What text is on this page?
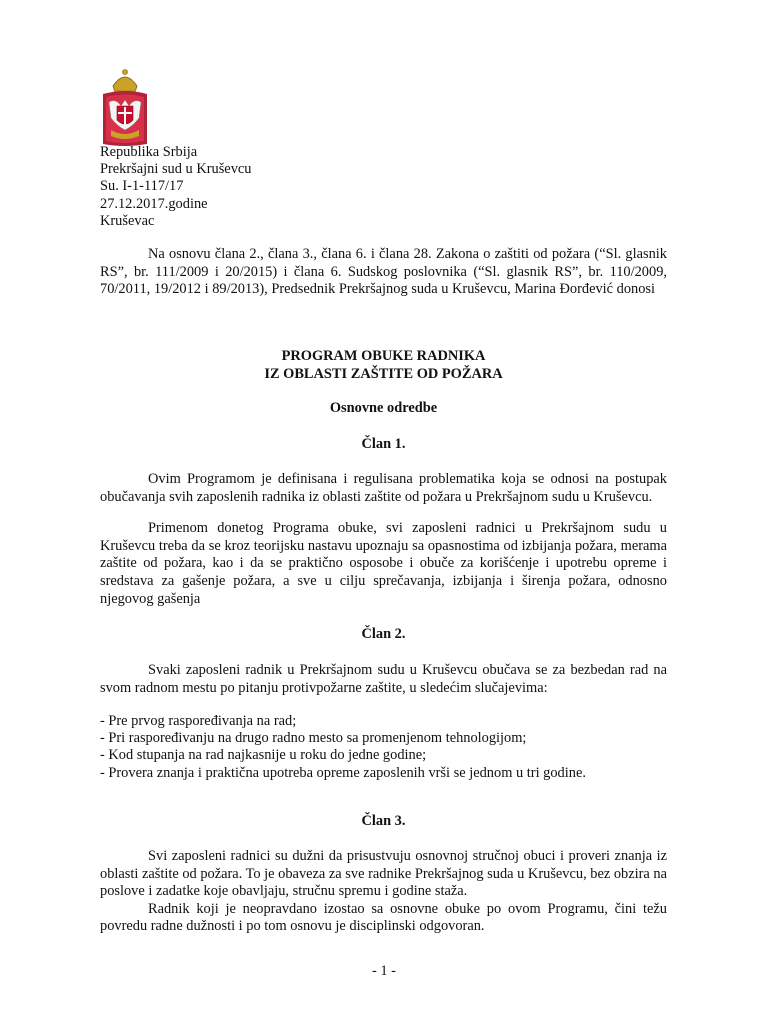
Republika Srbija
Prekršajni sud u Kruševcu
Su. I-1-117/17
27.12.2017.godine
Kruševac

Na osnovu člana 2., člana 3., člana 6. i člana 28. Zakona o zaštiti od požara (“Sl. glasnik RS”, br. 111/2009 i 20/2015) i člana 6. Sudskog poslovnika (“Sl. glasnik RS”, br. 110/2009, 70/2011, 19/2012 i 89/2013), Predsednik Prekršajnog suda u Kruševcu, Marina Đorđević donosi

PROGRAM OBUKE RADNIKA
IZ OBLASTI ZAŠTITE OD POŽARA
Osnovne odredbe
Član 1.

Ovim Programom je definisana i regulisana problematika koja se odnosi na postupak obučavanja svih zaposlenih radnika iz oblasti zaštite od požara u Prekršajnom sudu u Kruševcu.

Primenom donetog Programa obuke, svi zaposleni radnici u Prekršajnom sudu u Kruševcu treba da se kroz teorijsku nastavu upoznaju sa opasnostima od izbijanja požara, merama zaštite od požara, kao i da se praktično osposobe i obuče za korišćenje i upotrebu opreme i sredstava za gašenje požara, a sve u cilju sprečavanja, izbijanja i širenja požara, odnosno njegovog gašenja

Član 2.

Svaki zaposleni radnik u Prekršajnom sudu u Kruševcu obučava se za bezbedan rad na svom radnom mestu po pitanju protivpožarne zaštite, u sledećim slučajevima:

- Pre prvog raspoređivanja na rad;
- Pri raspoređivanju na drugo radno mesto sa promenjenom tehnologijom;
- Kod stupanja na rad najkasnije u roku do jedne godine;
- Provera znanja i praktična upotreba opreme zaposlenih vrši se jednom u tri godine.
Član 3.

Svi zaposleni radnici su dužni da prisustvuju osnovnoj stručnoj obuci i proveri znanja iz oblasti zaštite od požara. To je obaveza za sve radnike Prekršajnog suda u Kruševcu, bez obzira na poslove i zadatke koje obavljaju, stručnu spremu i godine staža.

Radnik koji je neopravdano izostao sa osnovne obuke po ovom Programu, čini težu povredu radne dužnosti i po tom osnovu je disciplinski odgovoran.

- 1 -
